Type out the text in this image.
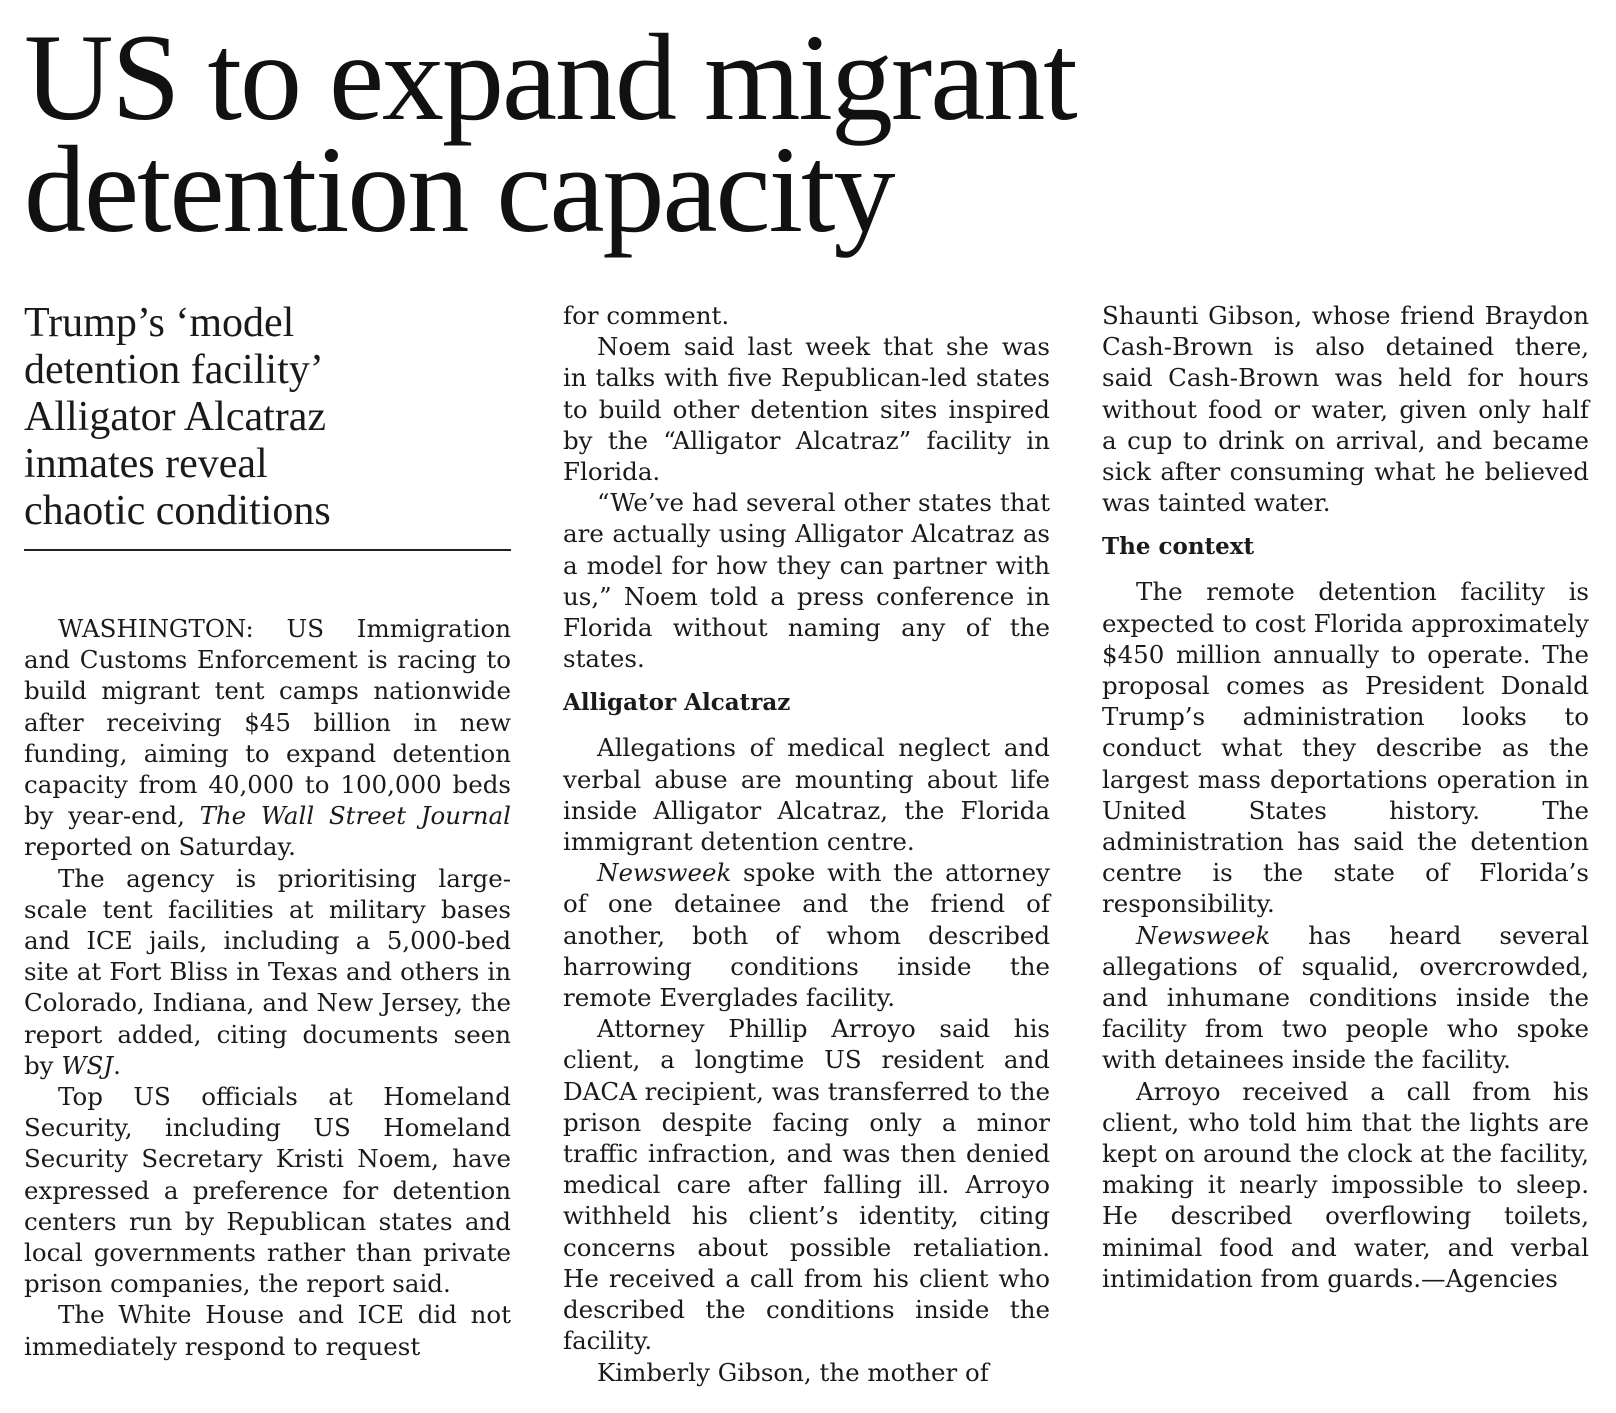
US to expand migrant
detention capacity
Trump’s ‘model
detention facility’
Alligator Alcatraz
inmates reveal
chaotic conditions

WASHINGTON: US Immigration and Customs Enforcement is racing to build migrant tent camps nationwide after receiving $45 billion in new funding, aiming to expand detention capacity from 40,000 to 100,000 beds by year-end, The Wall Street Journal reported on Saturday.

The agency is prioritising large-scale tent facilities at military bases and ICE jails, including a 5,000-bed site at Fort Bliss in Texas and others in Colorado, Indiana, and New Jersey, the report added, citing documents seen by WSJ.

Top US officials at Homeland Security, including US Homeland Security Secretary Kristi Noem, have expressed a preference for detention centers run by Republican states and local governments rather than private prison companies, the report said.

The White House and ICE did not immediately respond to request

for comment.

Noem said last week that she was in talks with five Republican-led states to build other detention sites inspired by the “Alligator Alcatraz” facility in Florida.

“We’ve had several other states that are actually using Alligator Alcatraz as a model for how they can partner with us,” Noem told a press conference in Florida without naming any of the states.

Alligator Alcatraz

Allegations of medical neglect and verbal abuse are mounting about life inside Alligator Alcatraz, the Florida immigrant detention centre.

Newsweek spoke with the attorney of one detainee and the friend of another, both of whom described harrowing conditions inside the remote Everglades facility.

Attorney Phillip Arroyo said his client, a longtime US resident and DACA recipient, was transferred to the prison despite facing only a minor traffic infraction, and was then denied medical care after falling ill. Arroyo withheld his client’s identity, citing concerns about possible retaliation. He received a call from his client who described the conditions inside the facility.

Kimberly Gibson, the mother of

Shaunti Gibson, whose friend Braydon Cash-Brown is also detained there, said Cash-Brown was held for hours without food or water, given only half a cup to drink on arrival, and became sick after consuming what he believed was tainted water.

The context

The remote detention facility is expected to cost Florida approximately $450 million annually to operate. The proposal comes as President Donald Trump’s administration looks to conduct what they describe as the largest mass deportations operation in United States history. The administration has said the detention centre is the state of Florida’s responsibility.

Newsweek has heard several allegations of squalid, overcrowded, and inhumane conditions inside the facility from two people who spoke with detainees inside the facility.

Arroyo received a call from his client, who told him that the lights are kept on around the clock at the facility, making it nearly impossible to sleep. He described overflowing toilets, minimal food and water, and verbal intimidation from guards.—Agencies
